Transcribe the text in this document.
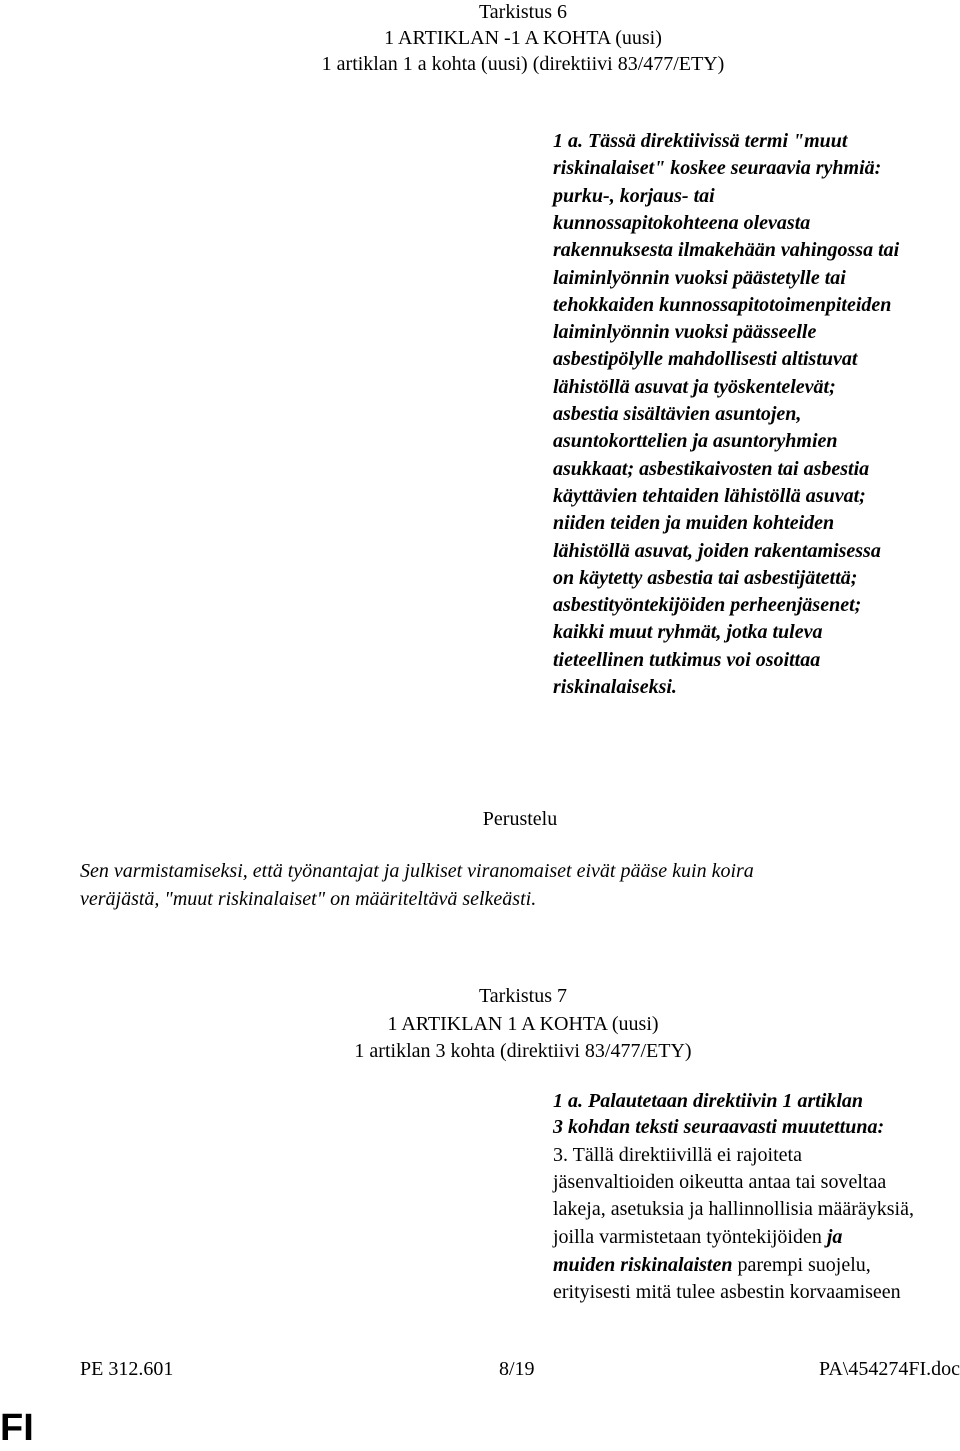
Tarkistus 6
1 ARTIKLAN -1 A KOHTA (uusi)
1 artiklan 1 a kohta (uusi) (direktiivi 83/477/ETY)
1 a. Tässä direktiivissä termi "muut
riskinalaiset" koskee seuraavia ryhmiä:
purku-, korjaus- tai
kunnossapitokohteena olevasta
rakennuksesta ilmakehään vahingossa tai
laiminlyönnin vuoksi päästetylle tai
tehokkaiden kunnossapitotoimenpiteiden
laiminlyönnin vuoksi päässeelle
asbestipölylle mahdollisesti altistuvat
lähistöllä asuvat ja työskentelevät;
asbestia sisältävien asuntojen,
asuntokorttelien ja asuntoryhmien
asukkaat; asbestikaivosten tai asbestia
käyttävien tehtaiden lähistöllä asuvat;
niiden teiden ja muiden kohteiden
lähistöllä asuvat, joiden rakentamisessa
on käytetty asbestia tai asbestijätettä;
asbestityöntekijöiden perheenjäsenet;
kaikki muut ryhmät, jotka tuleva
tieteellinen tutkimus voi osoittaa
riskinalaiseksi.
Perustelu
Sen varmistamiseksi, että työnantajat ja julkiset viranomaiset eivät pääse kuin koira
veräjästä, "muut riskinalaiset" on määriteltävä selkeästi.
Tarkistus 7
1 ARTIKLAN 1 A KOHTA (uusi)
1 artiklan 3 kohta (direktiivi 83/477/ETY)
1 a. Palautetaan direktiivin 1 artiklan
3 kohdan teksti seuraavasti muutettuna:
3. Tällä direktiivillä ei rajoiteta
jäsenvaltioiden oikeutta antaa tai soveltaa
lakeja, asetuksia ja hallinnollisia määräyksiä,
joilla varmistetaan työntekijöiden ja
muiden riskinalaisten parempi suojelu,
erityisesti mitä tulee asbestin korvaamiseen
PE 312.601	8/19	PA\454274FI.doc
FI
